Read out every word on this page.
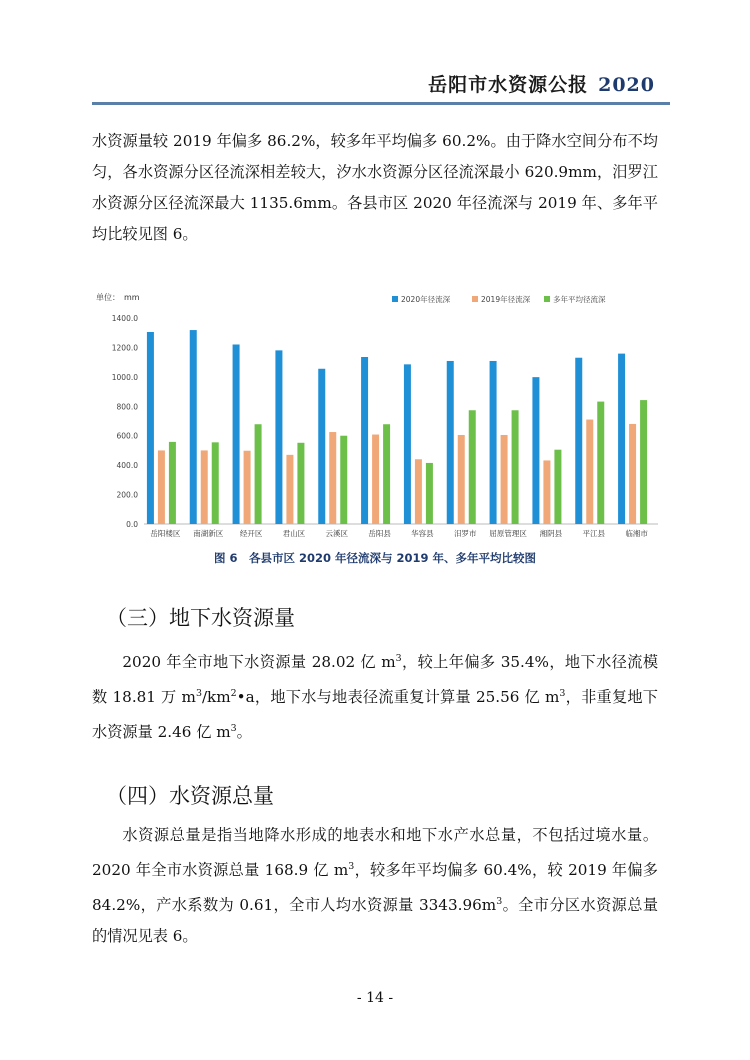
岳阳市水资源公报 2020

水资源量较 2019 年偏多 86.2%，较多年平均偏多 60.2%。由于降水空间分布不均匀，各水资源分区径流深相差较大，汐水水资源分区径流深最小 620.9mm，汨罗江水资源分区径流深最大 1135.6mm。各县市区 2020 年径流深与 2019 年、多年平均比较见图 6。

单位：　mm
0.0
200.0
400.0
600.0
800.0
1000.0
1200.0
1400.0
岳阳楼区 南湖新区 经开区	君山区	云溪区	岳阳县	华容县	汨罗市 屈原管理区 湘阴县	平江县	临湘市
2020年径流深	2019年径流深	多年平均径流深
图 6　各县市区 2020 年径流深与 2019 年、多年平均比较图
（三）地下水资源量

2020 年全市地下水资源量 28.02 亿 $m^3$，较上年偏多 35.4%，地下水径流模数 18.81 万 $m^3/km^2•a$，地下水与地表径流重复计算量 25.56 亿 $m^3$，非重复地下水资源量 2.46 亿 $m^3$。

（四）水资源总量

水资源总量是指当地降水形成的地表水和地下水产水总量，不包括过境水量。2020 年全市水资源总量 168.9 亿 $m^3$，较多年平均偏多 60.4%，较 2019 年偏多 84.2%，产水系数为 0.61，全市人均水资源量 $3343.96m^3$。全市分区水资源总量的情况见表 6。

- 14 -
